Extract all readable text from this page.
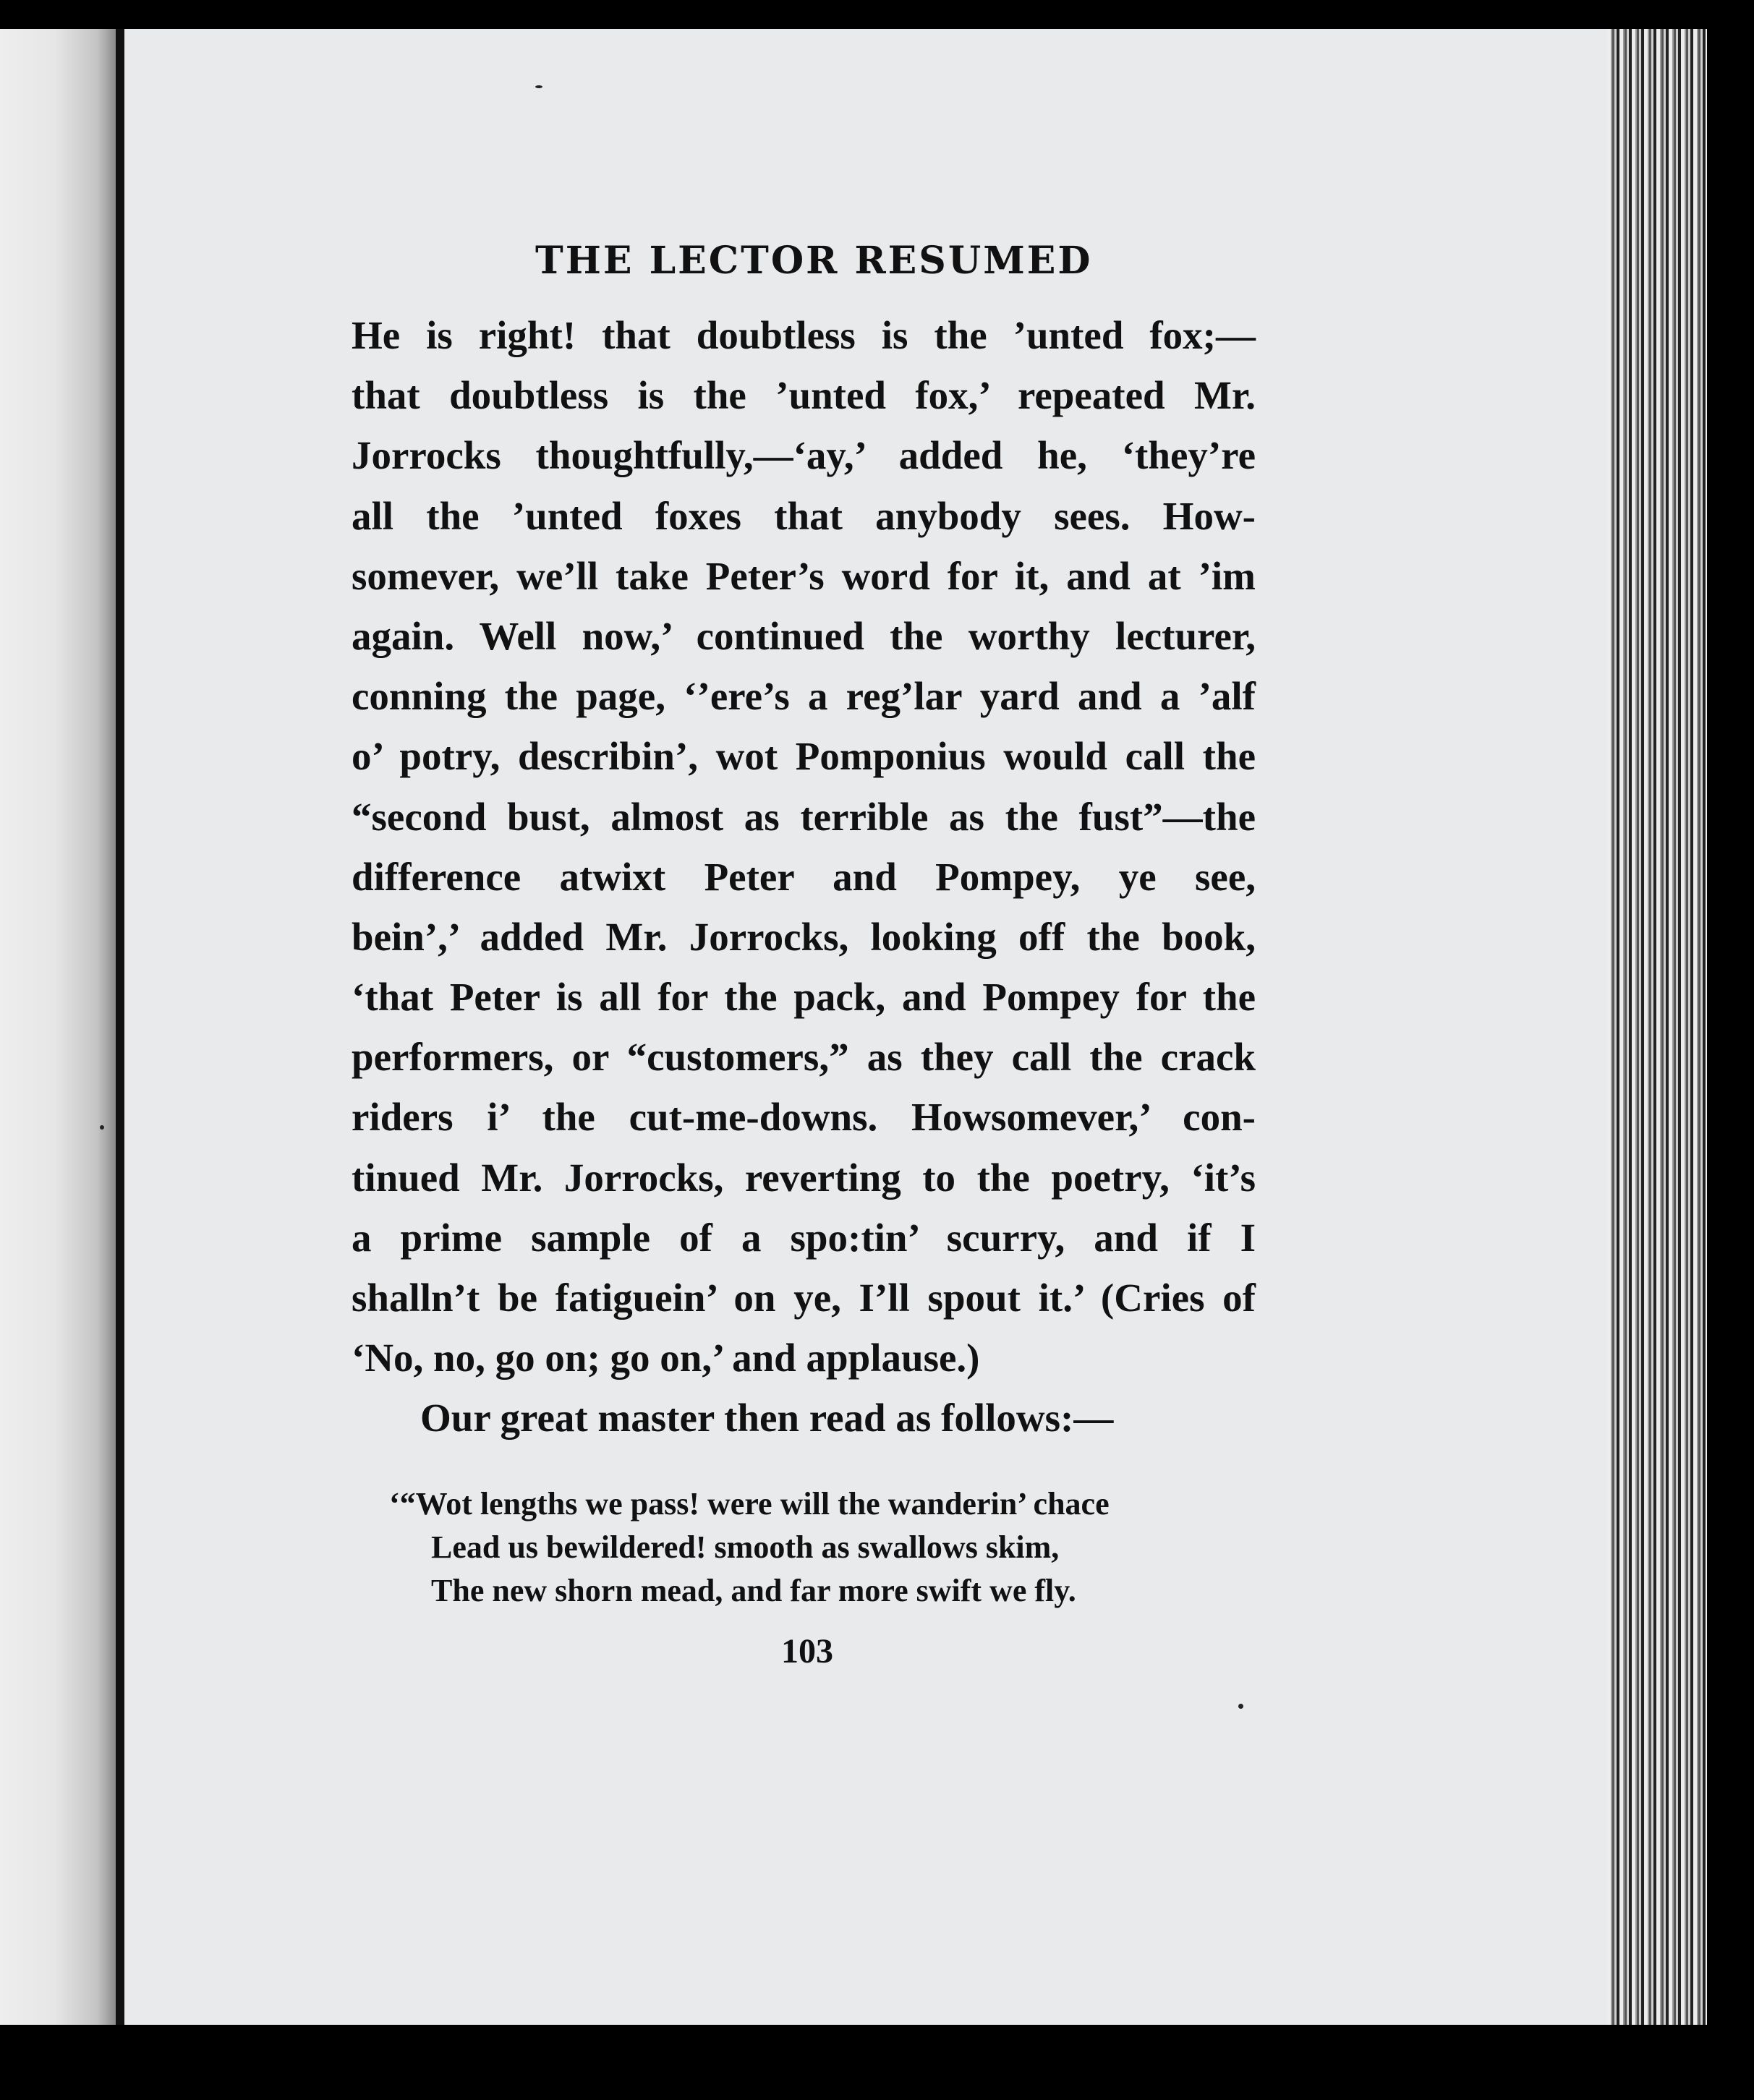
THE LECTOR RESUMED
He is right! that doubtless is the ’unted fox;—
that doubtless is the ’unted fox,’ repeated Mr.
Jorrocks thoughtfully,—‘ay,’ added he, ‘they’re
all the ’unted foxes that anybody sees. How-
somever, we’ll take Peter’s word for it, and at ’im
again. Well now,’ continued the worthy lecturer,
conning the page, ‘’ere’s a reg’lar yard and a ’alf
o’ potry, describin’, wot Pomponius would call the
“second bust, almost as terrible as the fust”—the
difference atwixt Peter and Pompey, ye see,
bein’,’ added Mr. Jorrocks, looking off the book,
‘that Peter is all for the pack, and Pompey for the
performers, or “customers,” as they call the crack
riders i’ the cut-me-downs. Howsomever,’ con-
tinued Mr. Jorrocks, reverting to the poetry, ‘it’s
a prime sample of a spo:tin’ scurry, and if I
shalln’t be fatiguein’ on ye, I’ll spout it.’ (Cries of
‘No, no, go on; go on,’ and applause.)
Our great master then read as follows:—
‘“Wot lengths we pass! were will the wanderin’ chace
Lead us bewildered! smooth as swallows skim,
The new shorn mead, and far more swift we fly.
103
